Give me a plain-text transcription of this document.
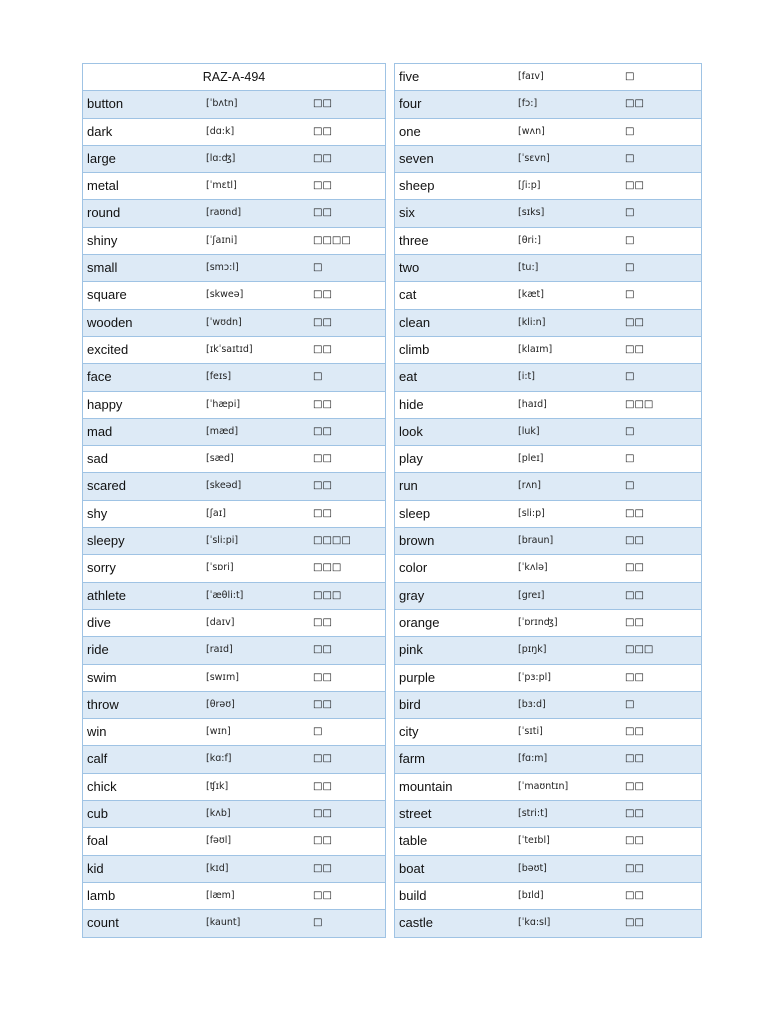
RAZ-A-494
button	[ˈbʌtn]	□□
dark	[dɑ:k]	□□
large	[lɑ:ʤ]	□□
metal	[ˈmɛtl]	□□
round	[raʊnd]	□□
shiny	[ˈʃaɪni]	□□□□
small	[smɔ:l]	□
square	[skweə]	□□
wooden	[ˈwʊdn]	□□
excited	[ɪkˈsaɪtɪd]	□□
face	[feɪs]	□
happy	[ˈhæpi]	□□
mad	[mæd]	□□
sad	[sæd]	□□
scared	[skeəd]	□□
shy	[ʃaɪ]	□□
sleepy	[ˈsli:pi]	□□□□
sorry	[ˈsɒri]	□□□
athlete	[ˈæθli:t]	□□□
dive	[daɪv]	□□
ride	[raɪd]	□□
swim	[swɪm]	□□
throw	[θrəʊ]	□□
win	[wɪn]	□
calf	[kɑ:f]	□□
chick	[ʧɪk]	□□
cub	[kʌb]	□□
foal	[fəʊl]	□□
kid	[kɪd]	□□
lamb	[læm]	□□
count	[kaunt]	□
five	[faɪv]	□
four	[fɔ:]	□□
one	[wʌn]	□
seven	[ˈsɛvn]	□
sheep	[ʃi:p]	□□
six	[sɪks]	□
three	[θri:]	□
two	[tu:]	□
cat	[kæt]	□
clean	[kli:n]	□□
climb	[klaɪm]	□□
eat	[i:t]	□
hide	[haɪd]	□□□
look	[luk]	□
play	[pleɪ]	□
run	[rʌn]	□
sleep	[sli:p]	□□
brown	[braun]	□□
color	[ˈkʌlə]	□□
gray	[greɪ]	□□
orange	[ˈɒrɪnʤ]	□□
pink	[pɪŋk]	□□□
purple	[ˈpɜ:pl]	□□
bird	[bɜ:d]	□
city	[ˈsɪti]	□□
farm	[fɑ:m]	□□
mountain	[ˈmaʊntɪn]	□□
street	[stri:t]	□□
table	[ˈteɪbl]	□□
boat	[bəʊt]	□□
build	[bɪld]	□□
castle	[ˈkɑ:sl]	□□
